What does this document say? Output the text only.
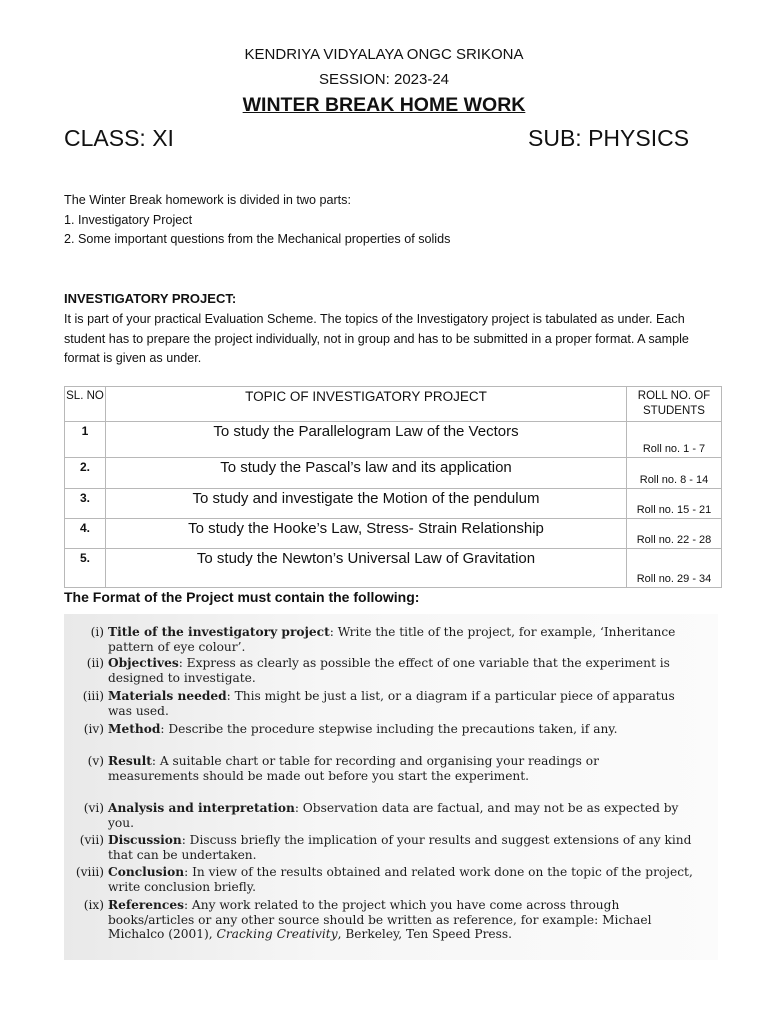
KENDRIYA VIDYALAYA ONGC SRIKONA
SESSION: 2023-24
WINTER BREAK HOME WORK
CLASS: XI	SUB: PHYSICS
The Winter Break homework is divided in two parts:
1. Investigatory Project
2. Some important questions from the Mechanical properties of solids
INVESTIGATORY PROJECT:
It is part of your practical Evaluation Scheme. The topics of the Investigatory project is tabulated as under. Each student has to prepare the project individually, not in group and has to be submitted in a proper format. A sample format is given as under.
SL. NO	TOPIC OF INVESTIGATORY PROJECT	ROLL NO. OF STUDENTS
1	To study the Parallelogram Law of the Vectors	Roll no. 1 - 7
2.	To study the Pascal’s law and its application	Roll no. 8 - 14
3.	To study and investigate the Motion of the pendulum	Roll no. 15 - 21
4.	To study the Hooke’s Law, Stress- Strain Relationship	Roll no. 22 - 28
5.	To study the Newton’s Universal Law of Gravitation	Roll no. 29 - 34
The Format of the Project must contain the following:

(i) Title of the investigatory project: Write the title of the project, for example, ‘Inheritance pattern of eye colour’.
(ii) Objectives: Express as clearly as possible the effect of one variable that the experiment is designed to investigate.
(iii) Materials needed: This might be just a list, or a diagram if a particular piece of apparatus was used.
(iv) Method: Describe the procedure stepwise including the precautions taken, if any.
(v) Result: A suitable chart or table for recording and organising your readings or measurements should be made out before you start the experiment.
(vi) Analysis and interpretation: Observation data are factual, and may not be as expected by you.
(vii) Discussion: Discuss briefly the implication of your results and suggest extensions of any kind that can be undertaken.
(viii) Conclusion: In view of the results obtained and related work done on the topic of the project, write conclusion briefly.
(ix) References: Any work related to the project which you have come across through books/articles or any other source should be written as reference, for example: Michael Michalco (2001), Cracking Creativity, Berkeley, Ten Speed Press.
